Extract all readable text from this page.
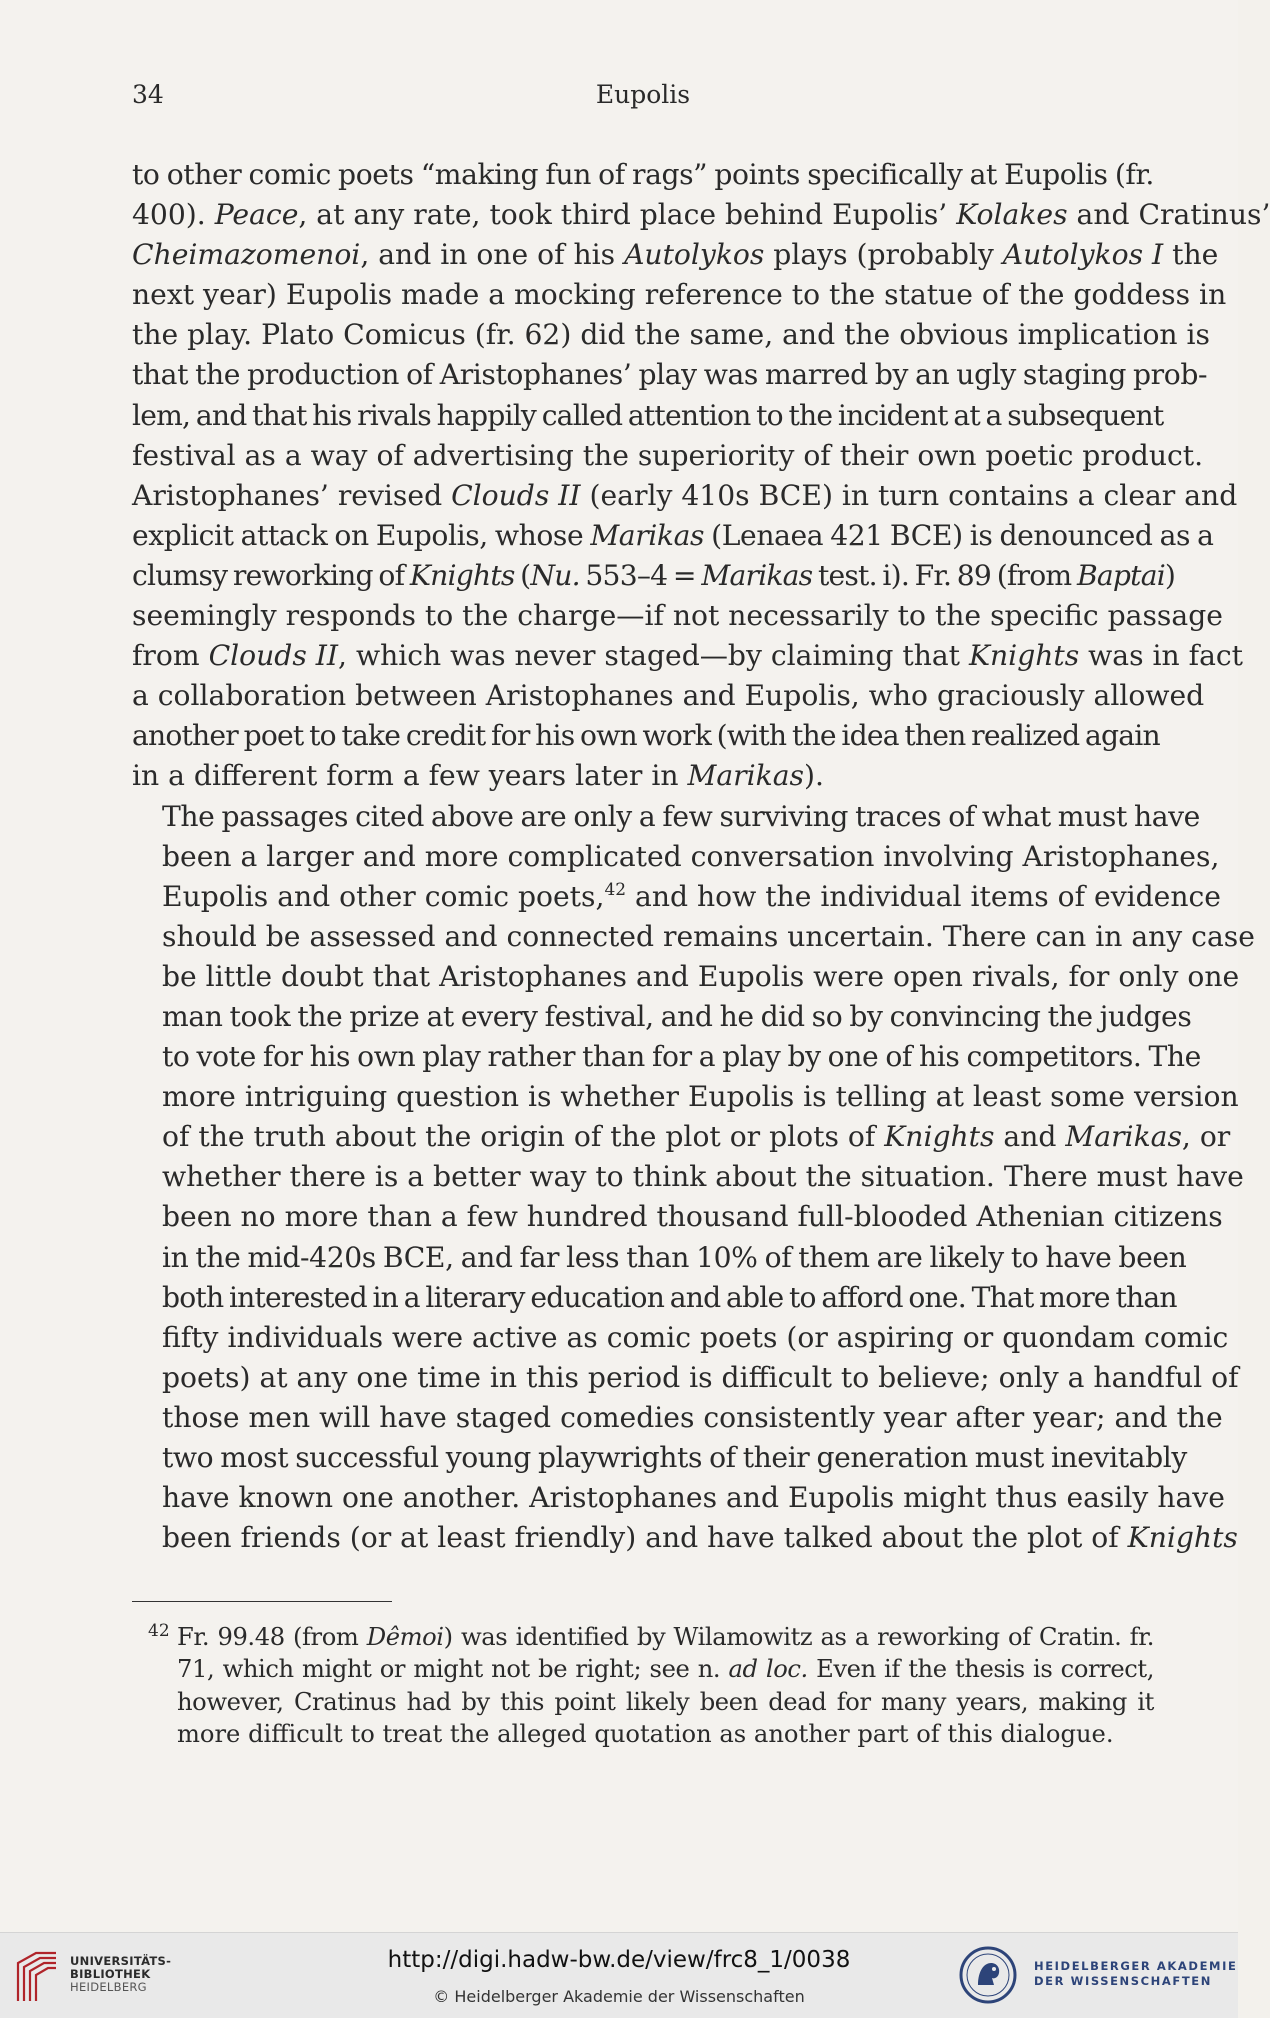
34	Eupolis

to other comic poets “making fun of rags” points specifically at Eupolis (fr.
400). Peace, at any rate, took third place behind Eupolis’ Kolakes and Cratinus’
Cheimazomenoi, and in one of his Autolykos plays (probably Autolykos I the
next year) Eupolis made a mocking reference to the statue of the goddess in
the play. Plato Comicus (fr. 62) did the same, and the obvious implication is
that the production of Aristophanes’ play was marred by an ugly staging prob-
lem, and that his rivals happily called attention to the incident at a subsequent
festival as a way of advertising the superiority of their own poetic product.
Aristophanes’ revised Clouds II (early 410s BCE) in turn contains a clear and
explicit attack on Eupolis, whose Marikas (Lenaea 421 BCE) is denounced as a
clumsy reworking of Knights (Nu. 553–4 = Marikas test. i). Fr. 89 (from Baptai)
seemingly responds to the charge—if not necessarily to the specific passage
from Clouds II, which was never staged—by claiming that Knights was in fact
a collaboration between Aristophanes and Eupolis, who graciously allowed
another poet to take credit for his own work (with the idea then realized again
in a different form a few years later in Marikas).

The passages cited above are only a few surviving traces of what must have
been a larger and more complicated conversation involving Aristophanes,
Eupolis and other comic poets,$^{42}$ and how the individual items of evidence
should be assessed and connected remains uncertain. There can in any case
be little doubt that Aristophanes and Eupolis were open rivals, for only one
man took the prize at every festival, and he did so by convincing the judges
to vote for his own play rather than for a play by one of his competitors. The
more intriguing question is whether Eupolis is telling at least some version
of the truth about the origin of the plot or plots of Knights and Marikas, or
whether there is a better way to think about the situation. There must have
been no more than a few hundred thousand full-blooded Athenian citizens
in the mid-420s BCE, and far less than 10% of them are likely to have been
both interested in a literary education and able to afford one. That more than
fifty individuals were active as comic poets (or aspiring or quondam comic
poets) at any one time in this period is difficult to believe; only a handful of
those men will have staged comedies consistently year after year; and the
two most successful young playwrights of their generation must inevitably
have known one another. Aristophanes and Eupolis might thus easily have
been friends (or at least friendly) and have talked about the plot of Knights

42 Fr. 99.48 (from Dêmoi) was identified by Wilamowitz as a reworking of Cratin. fr.
71, which might or might not be right; see n. ad loc. Even if the thesis is correct,
however, Cratinus had by this point likely been dead for many years, making it
more difficult to treat the alleged quotation as another part of this dialogue.
UNIVERSITÄTS-
BIBLIOTHEK
HEIDELBERG
http://digi.hadw-bw.de/view/frc8_1/0038
© Heidelberger Akademie der Wissenschaften
HEIDELBERGER AKADEMIE
DER WISSENSCHAFTEN
